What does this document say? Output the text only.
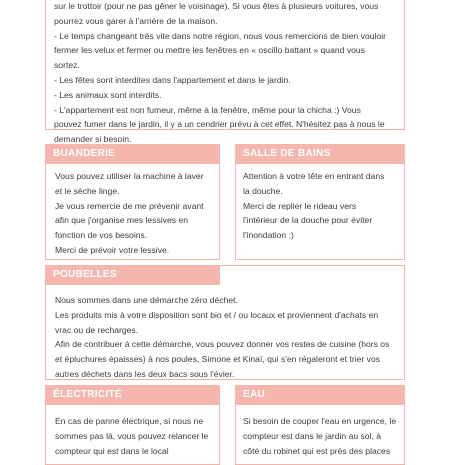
sur le trottoir (pour ne pas gêner le voisinage). Si vous êtes à plusieurs voitures, vous
pourrez vous garer à l'arrière de la maison.
- Le temps changeant très vite dans notre région, nous vous remercions de bien vouloir
fermer les velux et fermer ou mettre les fenêtres en « oscillo battant » quand vous
sortez.
- Les fêtes sont interdites dans l'appartement et dans le jardin.
- Les animaux sont interdits.
- L'appartement est non fumeur, même à la fenêtre, même pour la chicha :) Vous
pouvez fumer dans le jardin, il y a un cendrier prévu à cet effet. N'hésitez pas à nous le
demander si besoin.
Vous pouvez utiliser la machine à laver
et le sèche linge.
Je vous remercie de me prévenir avant
afin que j'organise mes lessives en
fonction de vos besoins.
Merci de prévoir votre lessive.
BUANDERIE
Attention à votre tête en entrant dans
la douche.
Merci de replier le rideau vers
l'intérieur de la douche pour éviter
l'inondation :)
SALLE DE BAINS
Nous sommes dans une démarche zéro déchet.
Les produits mis à votre disposition sont bio et / ou locaux et proviennent d'achats en
vrac ou de recharges.
Afin de contribuer à cette démarche, vous pouvez donner vos restes de cuisine (hors os
et épluchures épaisses) à nos poules, Simone et Kinaï, qui s'en régaleront et trier vos
autres déchets dans les deux bacs sous l'évier.
POUBELLES
En cas de panne électrique, si nous ne
sommes pas là, vous pouvez relancer le
compteur qui est dans le local
ÉLECTRICITÉ
Si besoin de couper l'eau en urgence, le
compteur est dans le jardin au sol, à
côté du robinet qui est près des places
EAU
